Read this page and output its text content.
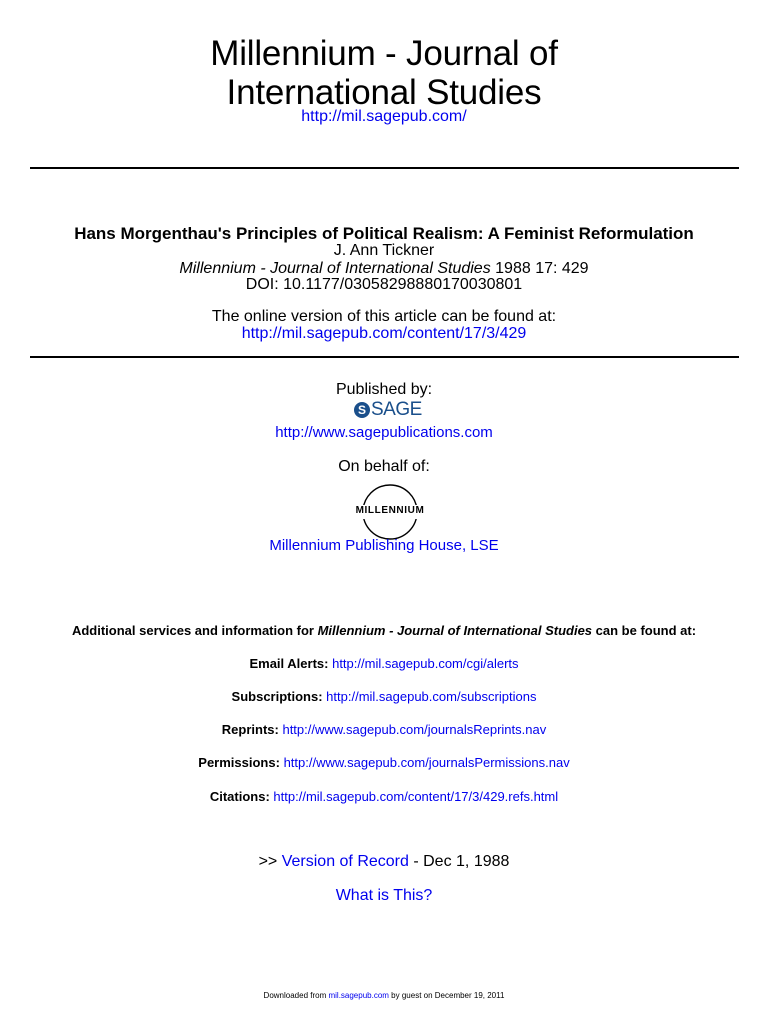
Millennium - Journal of
International Studies
http://mil.sagepub.com/
Hans Morgenthau's Principles of Political Realism: A Feminist Reformulation
J. Ann Tickner
Millennium - Journal of International Studies 1988 17: 429
DOI: 10.1177/03058298880170030801
The online version of this article can be found at:
http://mil.sagepub.com/content/17/3/429
Published by:
S SAGE
http://www.sagepublications.com
On behalf of:
MILLENNIUM
Millennium Publishing House, LSE
Additional services and information for Millennium - Journal of International Studies can be found at:
Email Alerts: http://mil.sagepub.com/cgi/alerts
Subscriptions: http://mil.sagepub.com/subscriptions
Reprints: http://www.sagepub.com/journalsReprints.nav
Permissions: http://www.sagepub.com/journalsPermissions.nav
Citations: http://mil.sagepub.com/content/17/3/429.refs.html
>> Version of Record - Dec 1, 1988
What is This?
Downloaded from mil.sagepub.com by guest on December 19, 2011
